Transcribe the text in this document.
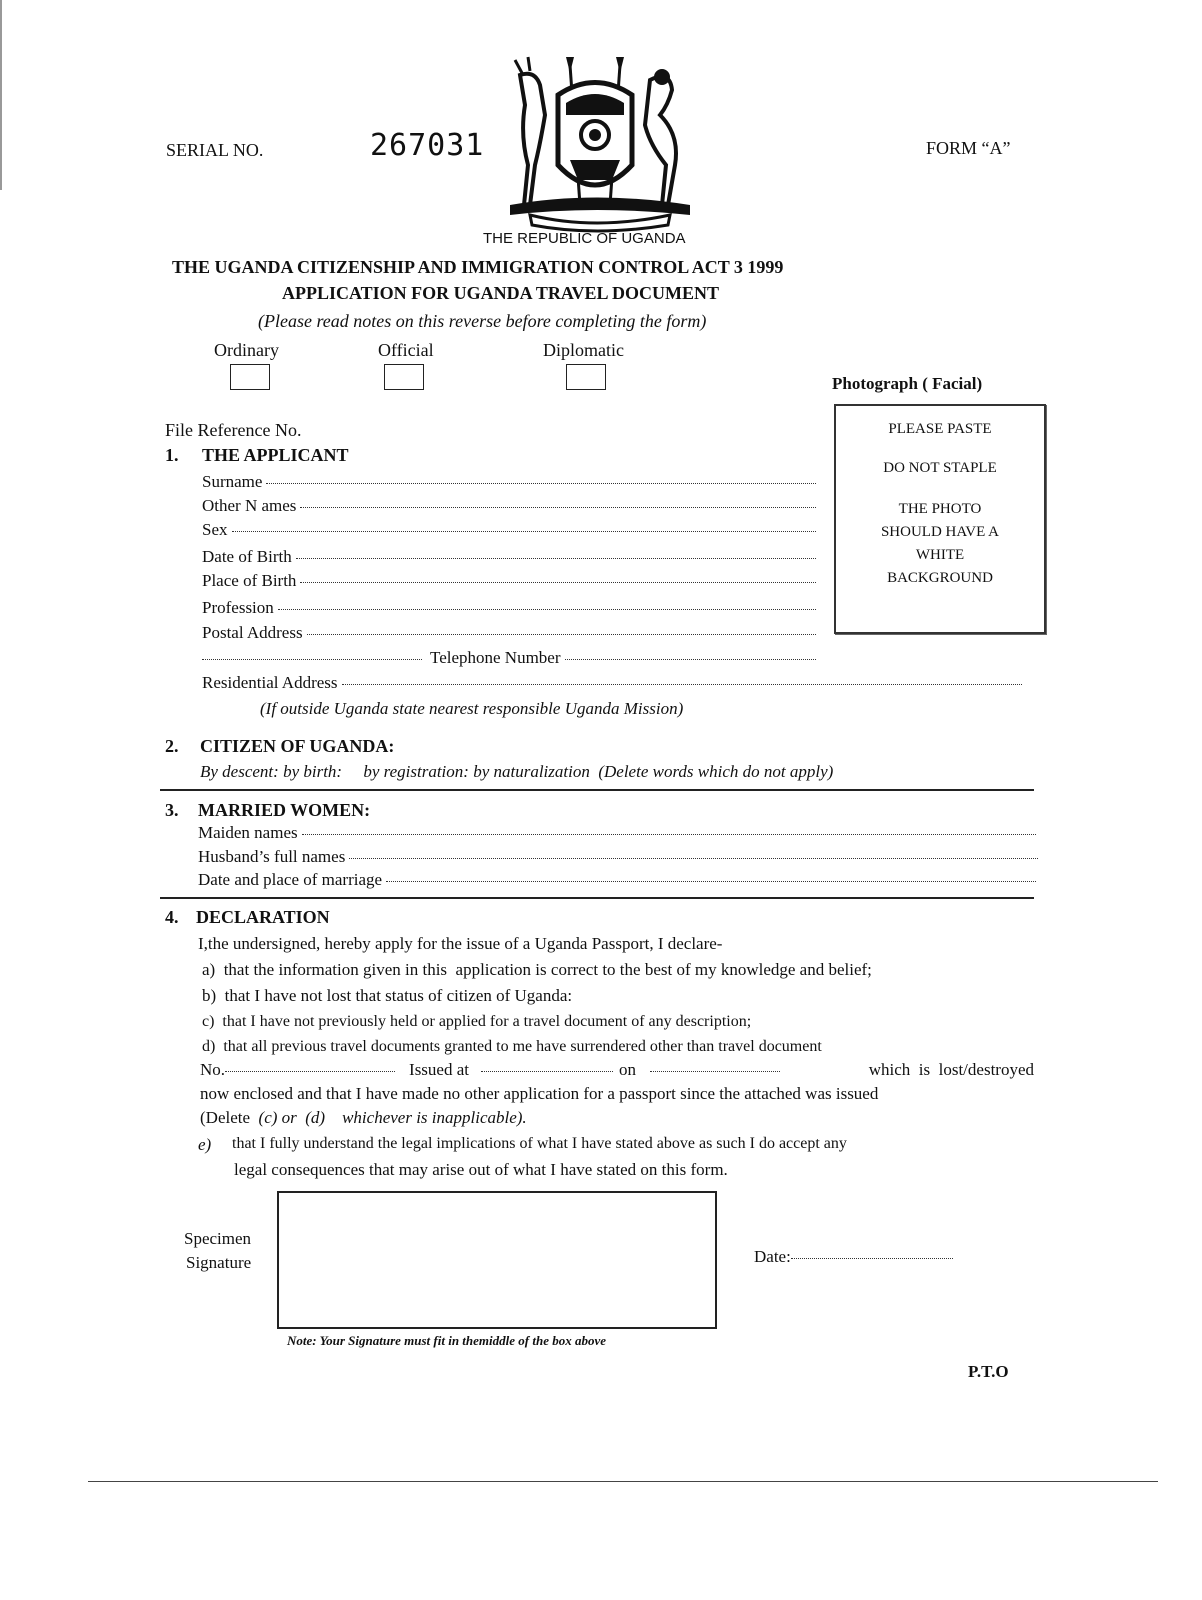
SERIAL NO.	267031	FORM “A”
THE REPUBLIC OF UGANDA
THE UGANDA CITIZENSHIP AND IMMIGRATION CONTROL ACT 3 1999
APPLICATION FOR UGANDA TRAVEL DOCUMENT
(Please read notes on this reverse before completing the form)
Ordinary	Official	Diplomatic
Photograph ( Facial)
PLEASE PASTE
DO NOT STAPLE
THE PHOTO
SHOULD HAVE A
WHITE
BACKGROUND
File Reference No.
1. THE APPLICANT
Surname
Other N ames
Sex
Date of Birth
Place of Birth
Profession
Postal Address
Telephone Number
Residential Address
(If outside Uganda state nearest responsible Uganda Mission)
2. CITIZEN OF UGANDA:
By descent: by birth:     by registration: by naturalization  (Delete words which do not apply)
3. MARRIED WOMEN:
Maiden names
Husband’s full names
Date and place of marriage
4. DECLARATION
I,the undersigned, hereby apply for the issue of a Uganda Passport, I declare-
a)  that the information given in this  application is correct to the best of my knowledge and belief;
b)  that I have not lost that status of citizen of Uganda:
c)  that I have not previously held or applied for a travel document of any description;
d)  that all previous travel documents granted to me have surrendered other than travel document
No.	Issued at	on	which  is  lost/destroyed
now enclosed and that I have made no other application for a passport since the attached was issued
(Delete (c) or  (d)    whichever is inapplicable).
e) that I fully understand the legal implications of what I have stated above as such I do accept any
legal consequences that may arise out of what I have stated on this form.
Specimen
Signature	Date:
Note: Your Signature must fit in themiddle of the box above
P.T.O
